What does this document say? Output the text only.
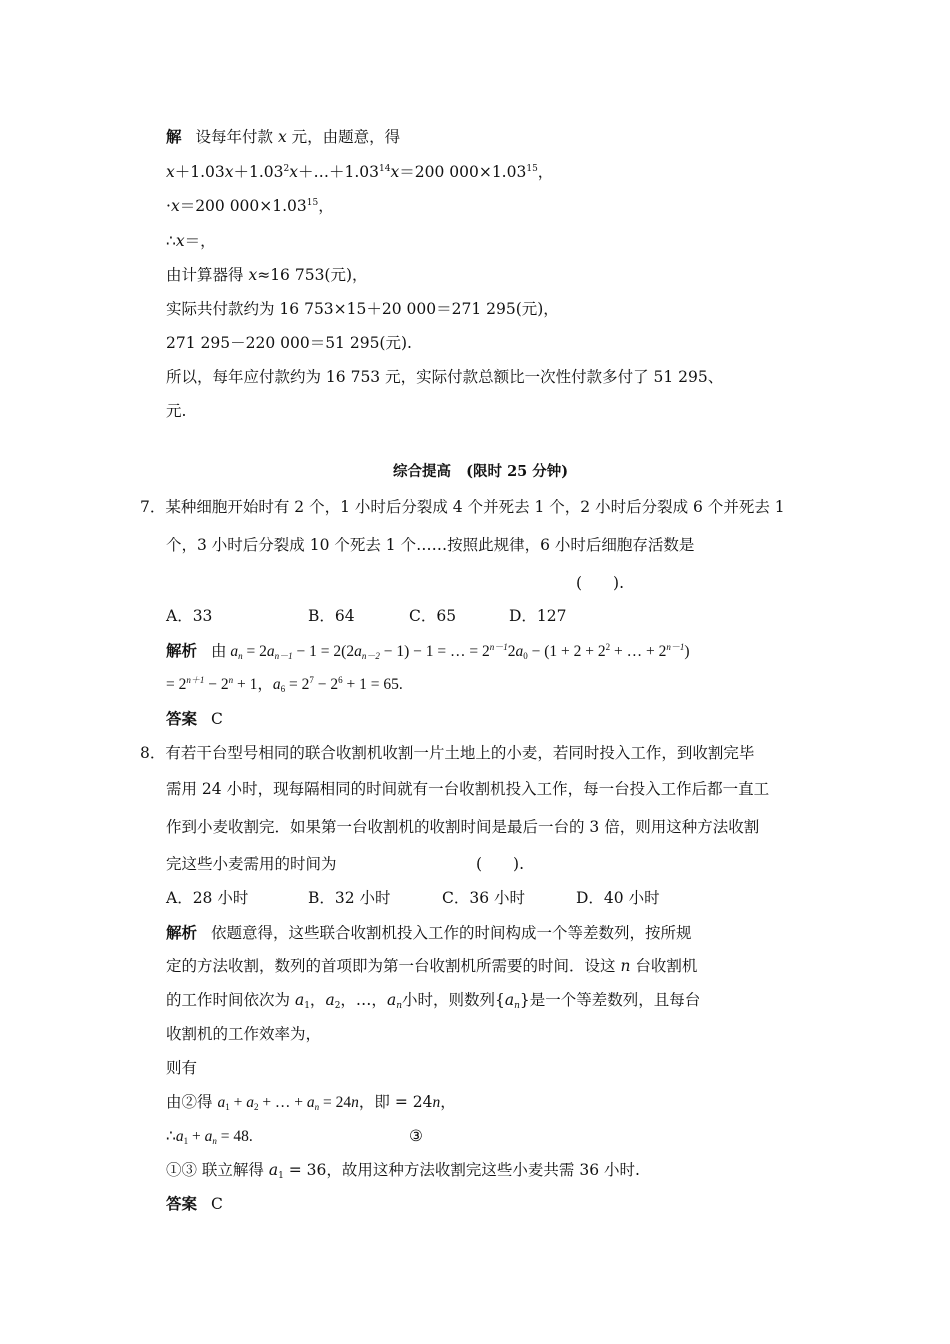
解 设每年付款 x 元，由题意，得
$x+1.03x+1.03^2x+\dots+1.03^{14}x=200$ $000\times 1.03^{15}$，
·x＝200 $000\times 1.03^{15}$，
∴x＝，
由计算器得 x≈16 753(元)，
实际共付款约为 16 753×15＋20 000＝271 295(元)，
271 295－220 000＝51 295(元).
所以，每年应付款约为 16 753 元，实际付款总额比一次性付款多付了 51 295、
元.
综合提高 (限时 25 分钟)
7．某种细胞开始时有 2 个，1 小时后分裂成 4 个并死去 1 个，2 小时后分裂成 6 个并死去 1
个，3 小时后分裂成 10 个死去 1 个……按照此规律，6 小时后细胞存活数是
(　　).
A．33	B．64	C．65	D．127
解析 由 $a_n = 2a_{n-1} - 1 = 2(2a_{n-2} - 1) - 1$ = … = $2^{n-1}2a_0 - (1 + 2 + 2^2$ + … + $2^{n-1}$)
= $2^{n+1} - 2^n + 1$，$a_6 = 2^7 - 2^6 + 1 = 65$.
答案 C
8．有若干台型号相同的联合收割机收割一片土地上的小麦，若同时投入工作，到收割完毕
需用 24 小时，现每隔相同的时间就有一台收割机投入工作，每一台投入工作后都一直工
作到小麦收割完．如果第一台收割机的收割时间是最后一台的 3 倍，则用这种方法收割
完这些小麦需用的时间为	(　　).
A．28 小时	B．32 小时	C．36 小时	D．40 小时
解析 依题意得，这些联合收割机投入工作的时间构成一个等差数列，按所规
定的方法收割，数列的首项即为第一台收割机所需要的时间．设这 n 台收割机
的工作时间依次为 $a_1$，$a_2$，…，$a_n$小时，则数列$\{a_n\}$是一个等差数列，且每台
收割机的工作效率为，
则有
由②得 $a_1 + a_2$ + … + $a_n = 24n$，即 = 24n，
$\therefore a_1 + a_n = 48$.	③
①③ 联立解得 $a_1 = 36$，故用这种方法收割完这些小麦共需 36 小时.
答案 C
